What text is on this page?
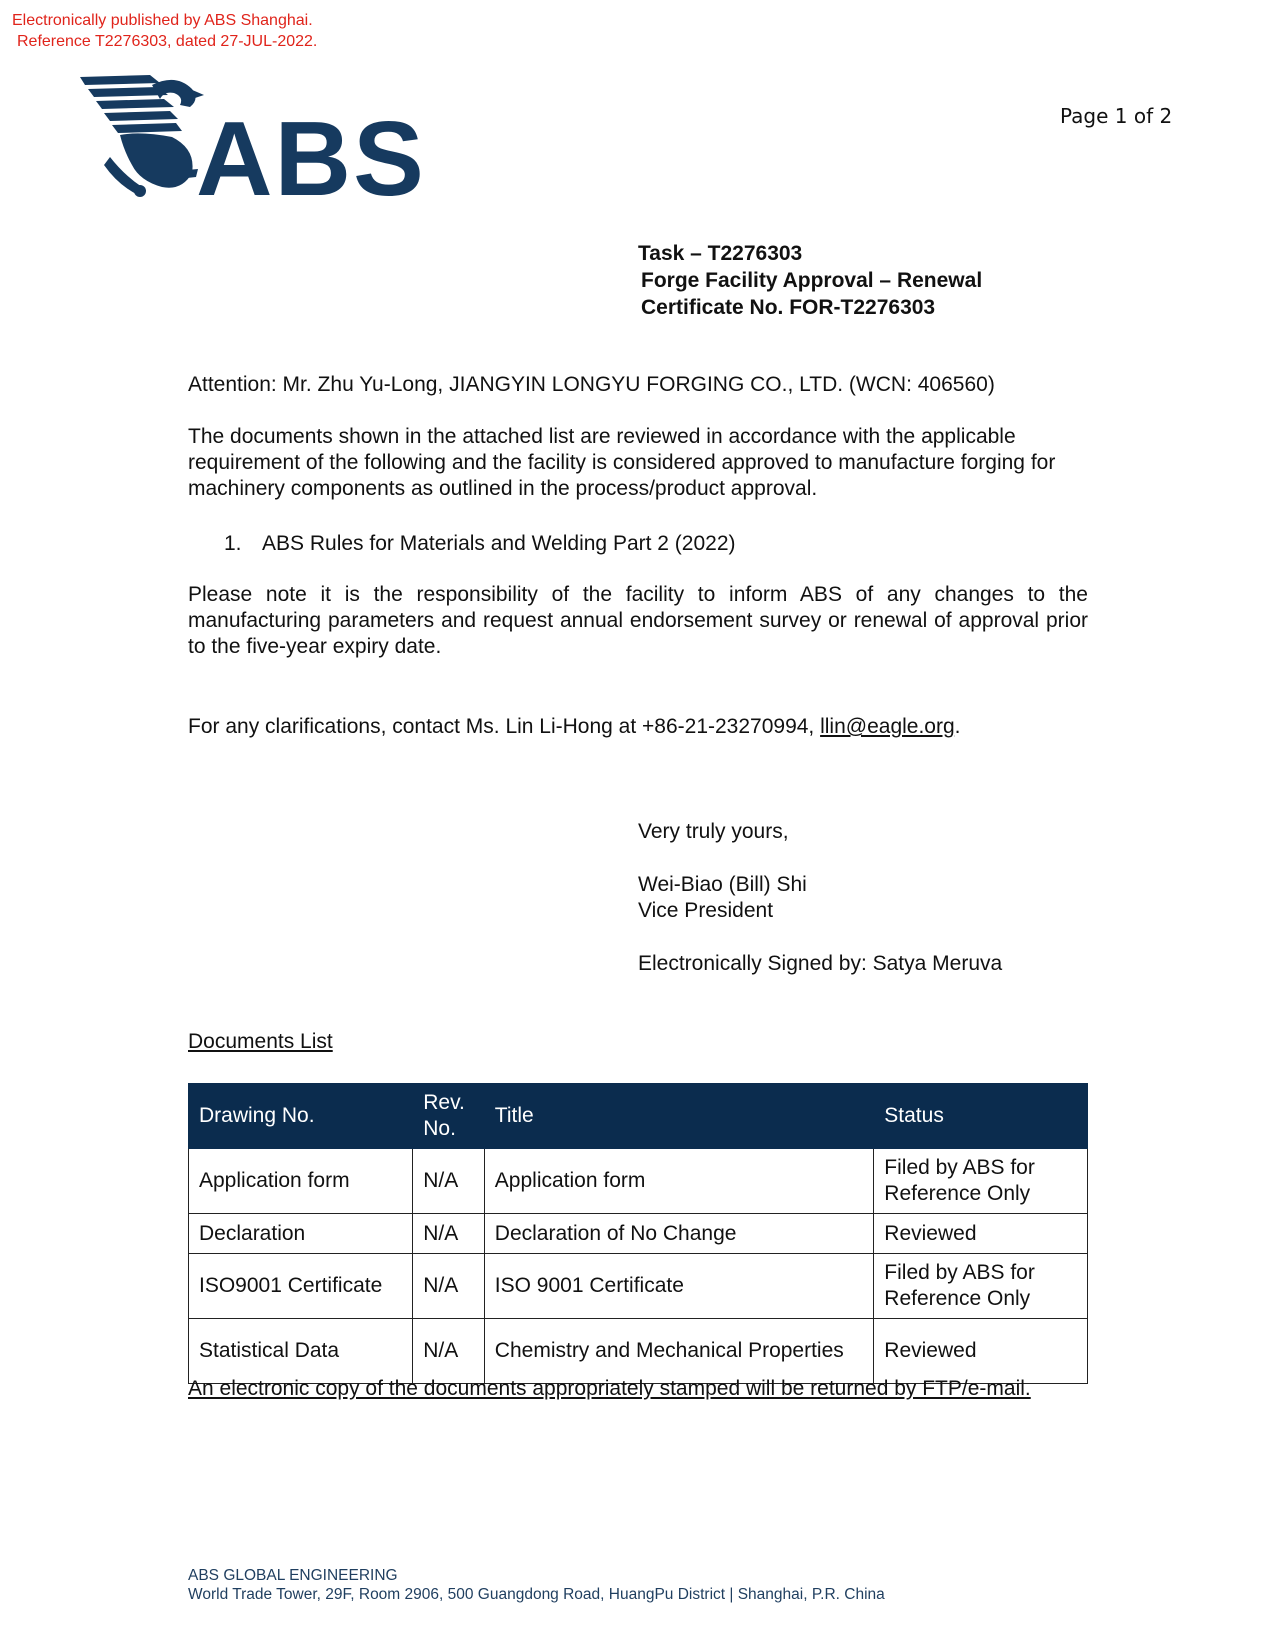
Electronically published by ABS Shanghai.
Reference T2276303, dated 27-JUL-2022.
ABS	Page 1 of 2
Task – T2276303
Forge Facility Approval – Renewal
Certificate No. FOR-T2276303
Attention: Mr. Zhu Yu-Long, JIANGYIN LONGYU FORGING CO., LTD. (WCN: 406560)
The documents shown in the attached list are reviewed in accordance with the applicable requirement of the following and the facility is considered approved to manufacture forging for machinery components as outlined in the process/product approval.
1. ABS Rules for Materials and Welding Part 2 (2022)
Please note it is the responsibility of the facility to inform ABS of any changes to the manufacturing parameters and request annual endorsement survey or renewal of approval prior to the five-year expiry date.
For any clarifications, contact Ms. Lin Li-Hong at +86-21-23270994, llin@eagle.org.
Very truly yours,
Wei-Biao (Bill) Shi
Vice President
Electronically Signed by: Satya Meruva
Documents List
Drawing No.	Rev. No.	Title	Status
Application form	N/A	Application form	Filed by ABS for Reference Only
Declaration	N/A	Declaration of No Change	Reviewed
ISO9001 Certificate	N/A	ISO 9001 Certificate	Filed by ABS for Reference Only
Statistical Data	N/A	Chemistry and Mechanical Properties	Reviewed
An electronic copy of the documents appropriately stamped will be returned by FTP/e-mail.
ABS GLOBAL ENGINEERING
World Trade Tower, 29F, Room 2906, 500 Guangdong Road, HuangPu District | Shanghai, P.R. China
